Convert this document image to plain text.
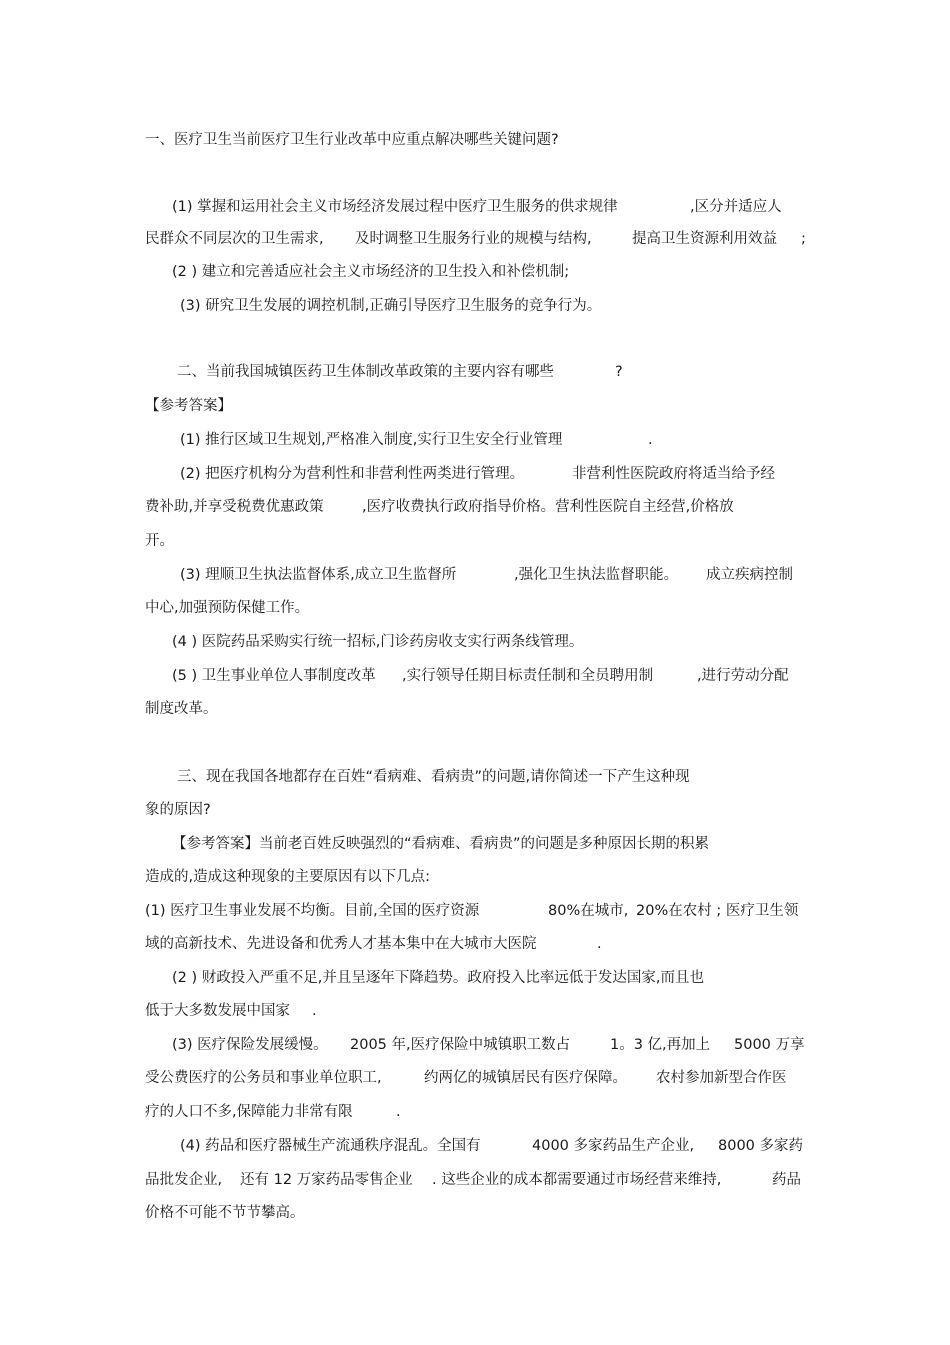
一、医疗卫生当前医疗卫生行业改革中应重点解决哪些关键问题?
(1) 掌握和运用社会主义市场经济发展过程中医疗卫生服务的供求规律	,区分并适应人
民群众不同层次的卫生需求, 及时调整卫生服务行业的规模与结构,	提高卫生资源利用效益 ;
(2 ) 建立和完善适应社会主义市场经济的卫生投入和补偿机制;
(3) 研究卫生发展的调控机制,正确引导医疗卫生服务的竞争行为。
二、当前我国城镇医药卫生体制改革政策的主要内容有哪些	?
【参考答案】
(1) 推行区域卫生规划,严格准入制度,实行卫生安全行业管理	.
(2) 把医疗机构分为营利性和非营利性两类进行管理。	非营利性医院政府将适当给予经
费补助,并享受税费优惠政策	,医疗收费执行政府指导价格。营利性医院自主经营,价格放
开。
(3) 理顺卫生执法监督体系,成立卫生监督所	,强化卫生执法监督职能。 成立疾病控制
中心,加强预防保健工作。
(4 ) 医院药品采购实行统一招标,门诊药房收支实行两条线管理。
(5 ) 卫生事业单位人事制度改革 ,实行领导任期目标责任制和全员聘用制	,进行劳动分配
制度改革。
三、现在我国各地都存在百姓“看病难、看病贵”的问题,请你简述一下产生这种现
象的原因?
【参考答案】当前老百姓反映强烈的“看病难、看病贵”的问题是多种原因长期的积累
造成的,造成这种现象的主要原因有以下几点:
(1) 医疗卫生事业发展不均衡。目前,全国的医疗资源	80%在城市, 20%在农村 ; 医疗卫生领
域的高新技术、先进设备和优秀人才基本集中在大城市大医院	.
(2 ) 财政投入严重不足,并且呈逐年下降趋势。政府投入比率远低于发达国家,而且也
低于大多数发展中国家 .
(3) 医疗保险发展缓慢。 2005 年,医疗保险中城镇职工数占	1。3 亿,再加上 5000 万享
受公费医疗的公务员和事业单位职工,	约两亿的城镇居民有医疗保障。 农村参加新型合作医
疗的人口不多,保障能力非常有限	.
(4) 药品和医疗器械生产流通秩序混乱。全国有	4000 多家药品生产企业, 8000 多家药
品批发企业, 还有 12 万家药品零售企业 . 这些企业的成本都需要通过市场经营来维持,	药品
价格不可能不节节攀高。
